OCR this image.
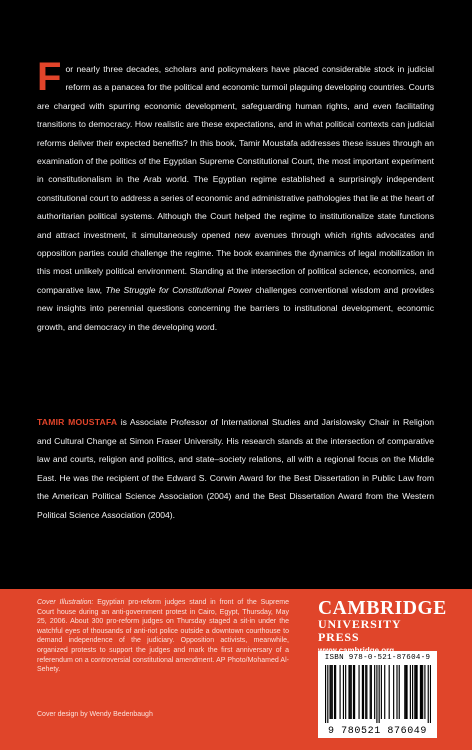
F or nearly three decades, scholars and policymakers have placed considerable stock in judicial reform as a panacea for the political and economic turmoil plaguing developing countries. Courts are charged with spurring economic development, safeguarding human rights, and even facilitating transitions to democracy. How realistic are these expectations, and in what political contexts can judicial reforms deliver their expected benefits? In this book, Tamir Moustafa addresses these issues through an examination of the politics of the Egyptian Supreme Constitutional Court, the most important experiment in constitutionalism in the Arab world. The Egyptian regime established a surprisingly independent constitutional court to address a series of economic and administrative pathologies that lie at the heart of authoritarian political systems. Although the Court helped the regime to institutionalize state functions and attract investment, it simultaneously opened new avenues through which rights advocates and opposition parties could challenge the regime. The book examines the dynamics of legal mobilization in this most unlikely political environment. Standing at the intersection of political science, economics, and comparative law, The Struggle for Constitutional Power challenges conventional wisdom and provides new insights into perennial questions concerning the barriers to institutional development, economic growth, and democracy in the developing word.

TAMIR MOUSTAFA is Associate Professor of International Studies and Jarislowsky Chair in Religion and Cultural Change at Simon Fraser University. His research stands at the intersection of comparative law and courts, religion and politics, and state–society relations, all with a regional focus on the Middle East. He was the recipient of the Edward S. Corwin Award for the Best Dissertation in Public Law from the American Political Science Association (2004) and the Best Dissertation Award from the Western Political Science Association (2004).

Cover Illustration: Egyptian pro-reform judges stand in front of the Supreme Court house during an anti-government protest in Cairo, Egypt, Thursday, May 25, 2006. About 300 pro-reform judges on Thursday staged a sit-in under the watchful eyes of thousands of anti-riot police outside a downtown courthouse to demand independence of the judiciary. Opposition activists, meanwhile, organized protests to support the judges and mark the first anniversary of a referendum on a controversial constitutional amendment. AP Photo/Mohamed Al-Sehety.
Cover design by Wendy Bedenbaugh
CAMBRIDGE
UNIVERSITY PRESS
ISBN 978-0-521-87604-9
9 780521 876049
